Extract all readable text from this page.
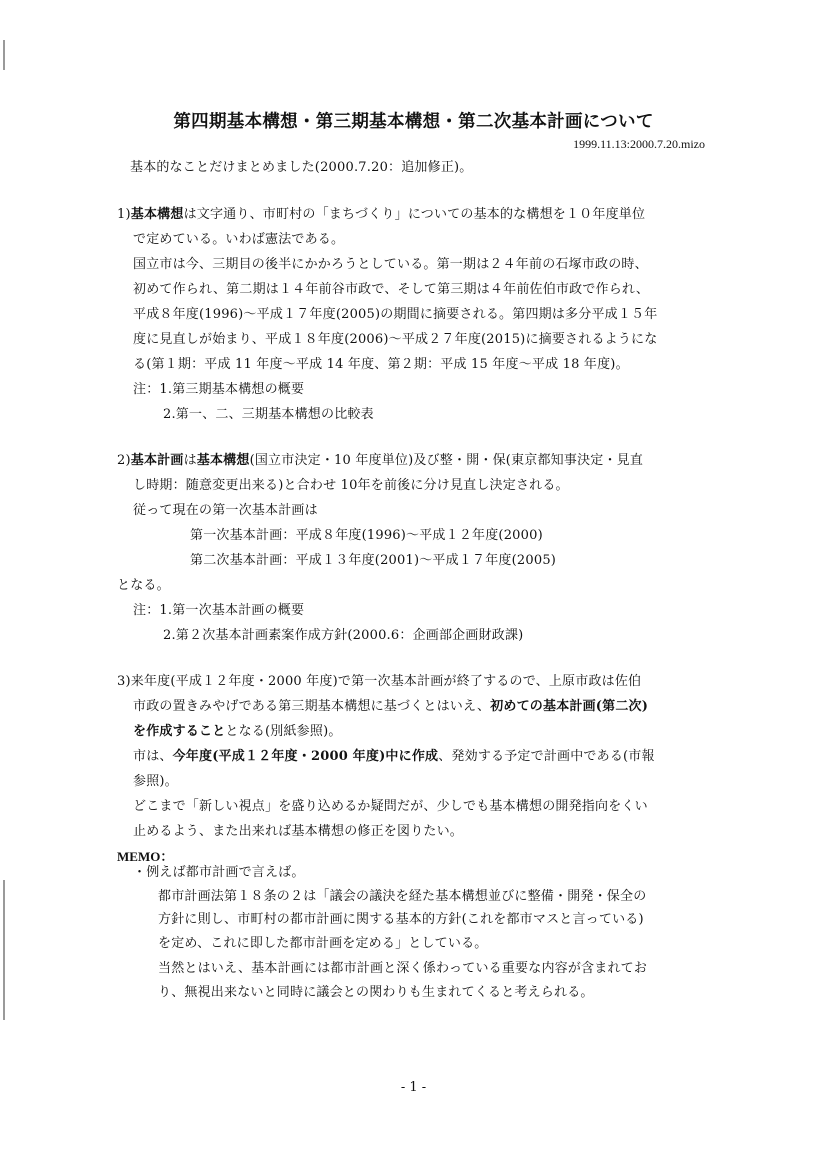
第四期基本構想・第三期基本構想・第二次基本計画について
1999.11.13:2000.7.20.mizo
基本的なことだけまとめました(2000.7.20：追加修正)。
1)基本構想は文字通り、市町村の「まちづくり」についての基本的な構想を１０年度単位
で定めている。いわば憲法である。
国立市は今、三期目の後半にかかろうとしている。第一期は２４年前の石塚市政の時、
初めて作られ、第二期は１４年前谷市政で、そして第三期は４年前佐伯市政で作られ、
平成８年度(1996)～平成１７年度(2005)の期間に摘要される。第四期は多分平成１５年
度に見直しが始まり、平成１８年度(2006)～平成２７年度(2015)に摘要されるようにな
る(第１期：平成 11 年度～平成 14 年度、第２期：平成 15 年度～平成 18 年度)。
注：1.第三期基本構想の概要
2.第一、二、三期基本構想の比較表
2)基本計画は基本構想(国立市決定・10 年度単位)及び整・開・保(東京都知事決定・見直
し時期：随意変更出来る)と合わせ 10年を前後に分け見直し決定される。
従って現在の第一次基本計画は
第一次基本計画：平成８年度(1996)～平成１２年度(2000)
第二次基本計画：平成１３年度(2001)～平成１７年度(2005)
となる。
注：1.第一次基本計画の概要
2.第２次基本計画素案作成方針(2000.6：企画部企画財政課)
3)来年度(平成１２年度・2000 年度)で第一次基本計画が終了するので、上原市政は佐伯
市政の置きみやげである第三期基本構想に基づくとはいえ、初めての基本計画(第二次)
を作成することとなる(別紙参照)。
市は、今年度(平成１２年度・2000 年度)中に作成、発効する予定で計画中である(市報
参照)。
どこまで「新しい視点」を盛り込めるか疑問だが、少しでも基本構想の開発指向をくい
止めるよう、また出来れば基本構想の修正を図りたい。
MEMO：
・例えば都市計画で言えば。
都市計画法第１８条の２は「議会の議決を経た基本構想並びに整備・開発・保全の
方針に則し、市町村の都市計画に関する基本的方針(これを都市マスと言っている)
を定め、これに即した都市計画を定める」としている。
当然とはいえ、基本計画には都市計画と深く係わっている重要な内容が含まれてお
り、無視出来ないと同時に議会との関わりも生まれてくると考えられる。
- 1 -
